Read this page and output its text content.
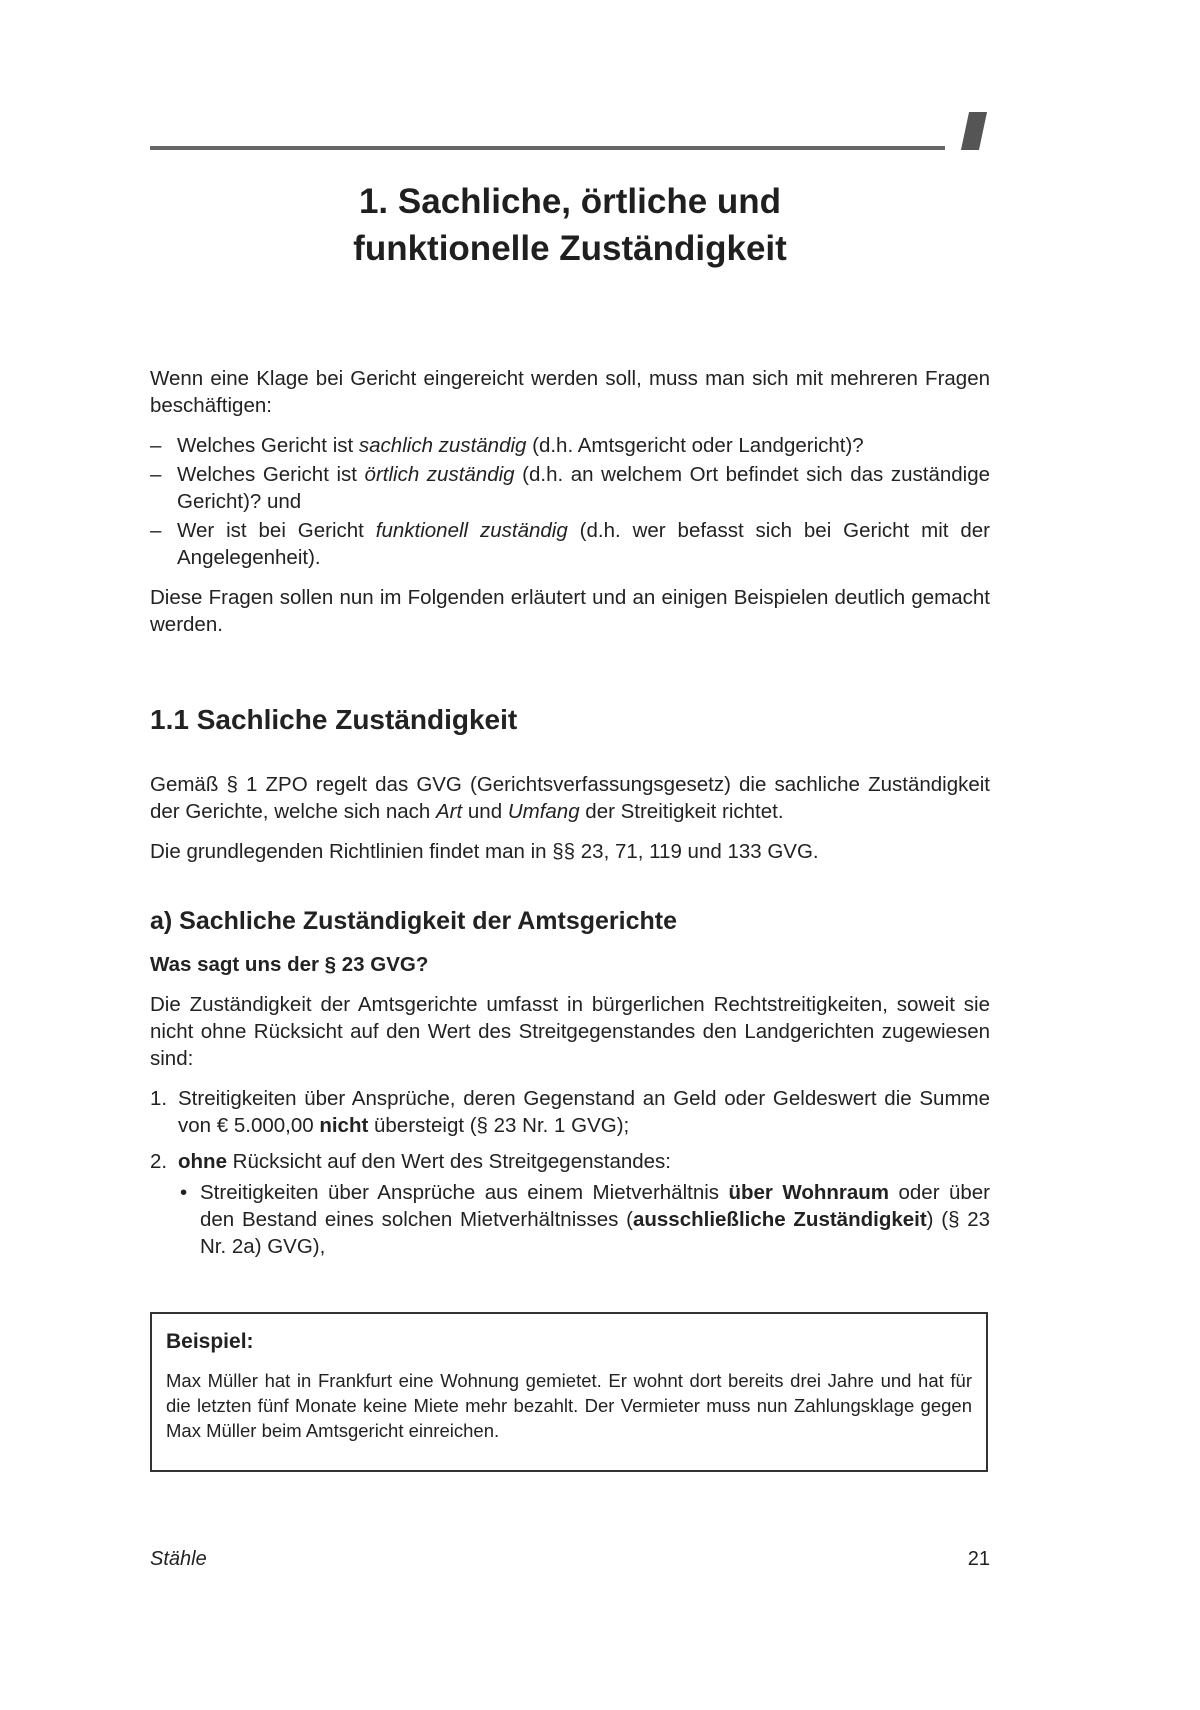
1. Sachliche, örtliche und
funktionelle Zuständigkeit

Wenn eine Klage bei Gericht eingereicht werden soll, muss man sich mit mehreren Fragen beschäftigen:

– Welches Gericht ist sachlich zuständig (d.h. Amtsgericht oder Landgericht)?
– Welches Gericht ist örtlich zuständig (d.h. an welchem Ort befindet sich das zuständige Gericht)? und
– Wer ist bei Gericht funktionell zuständig (d.h. wer befasst sich bei Gericht mit der Angelegenheit).

Diese Fragen sollen nun im Folgenden erläutert und an einigen Beispielen deutlich gemacht werden.

1.1 Sachliche Zuständigkeit

Gemäß § 1 ZPO regelt das GVG (Gerichtsverfassungsgesetz) die sachliche Zuständigkeit der Gerichte, welche sich nach Art und Umfang der Streitigkeit richtet.

Die grundlegenden Richtlinien findet man in §§ 23, 71, 119 und 133 GVG.

a) Sachliche Zuständigkeit der Amtsgerichte
Was sagt uns der § 23 GVG?

Die Zuständigkeit der Amtsgerichte umfasst in bürgerlichen Rechtstreitigkeiten, soweit sie nicht ohne Rücksicht auf den Wert des Streitgegenstandes den Landgerichten zugewiesen sind:

1. Streitigkeiten über Ansprüche, deren Gegenstand an Geld oder Geldeswert die Summe von € 5.000,00 nicht übersteigt (§ 23 Nr. 1 GVG);
2. ohne Rücksicht auf den Wert des Streitgegenstandes:
• Streitigkeiten über Ansprüche aus einem Mietverhältnis über Wohnraum oder über den Bestand eines solchen Mietverhältnisses (ausschließliche Zuständigkeit) (§ 23 Nr. 2a) GVG),
Beispiel:
Max Müller hat in Frankfurt eine Wohnung gemietet. Er wohnt dort bereits drei Jahre und hat für die letzten fünf Monate keine Miete mehr bezahlt. Der Vermieter muss nun Zahlungsklage gegen Max Müller beim Amtsgericht einreichen.
Stähle	21
